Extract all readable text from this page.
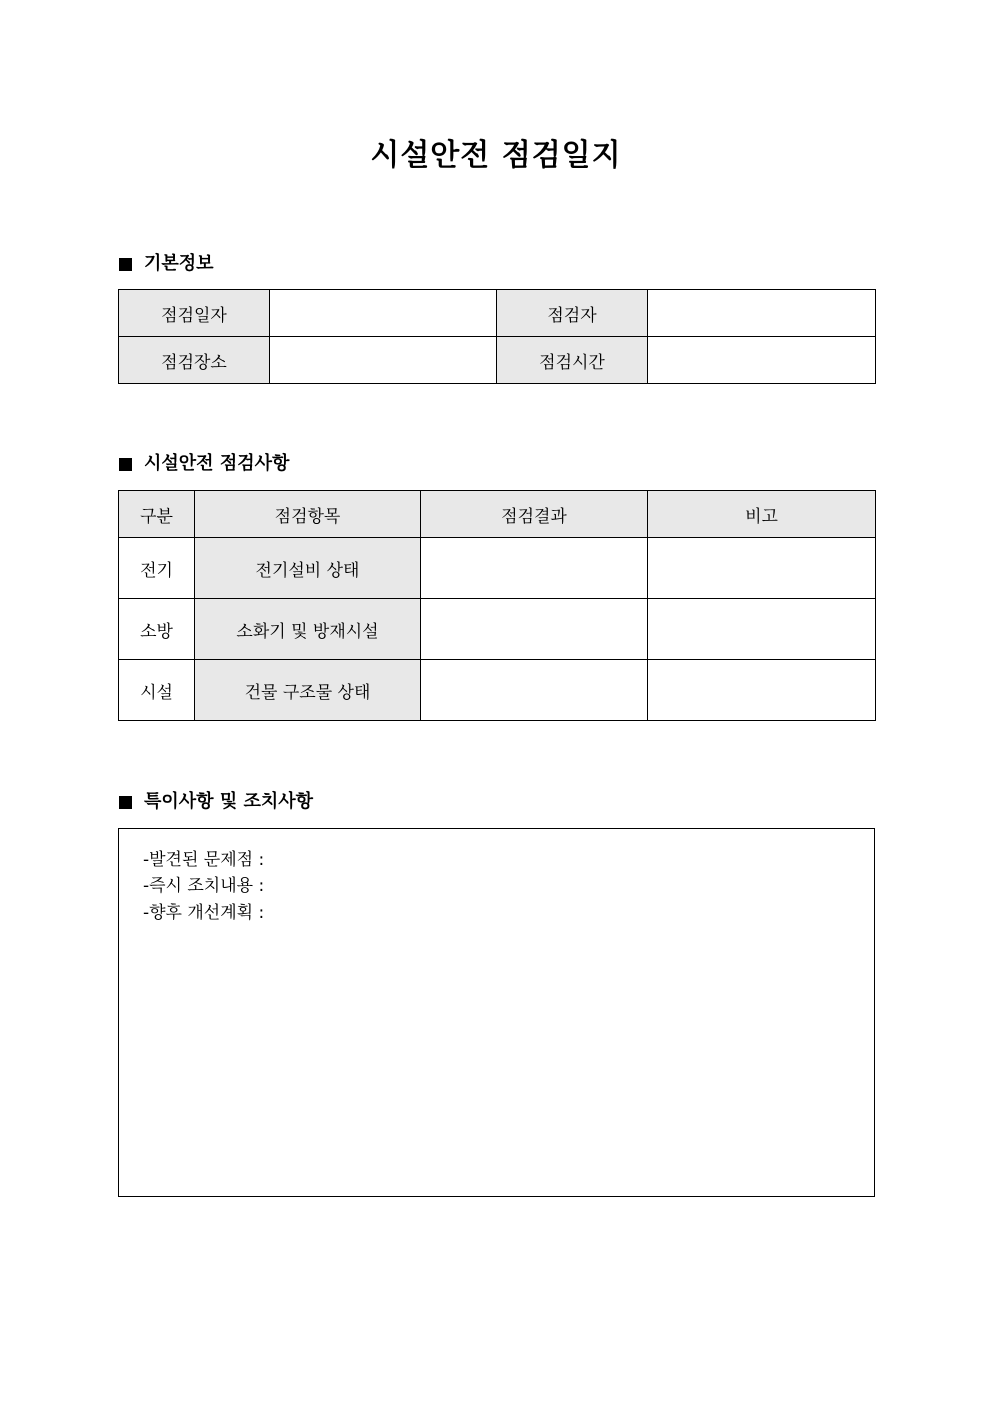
시설안전 점검일지
기본정보
점검일자		점검자	
점검장소		점검시간	
시설안전 점검사항
구분	점검항목	점검결과	비고
전기	전기설비 상태		
소방	소화기 및 방재시설		
시설	건물 구조물 상태		
특이사항 및 조치사항
-발견된 문제점 :
-즉시 조치내용 :
-향후 개선계획 :
